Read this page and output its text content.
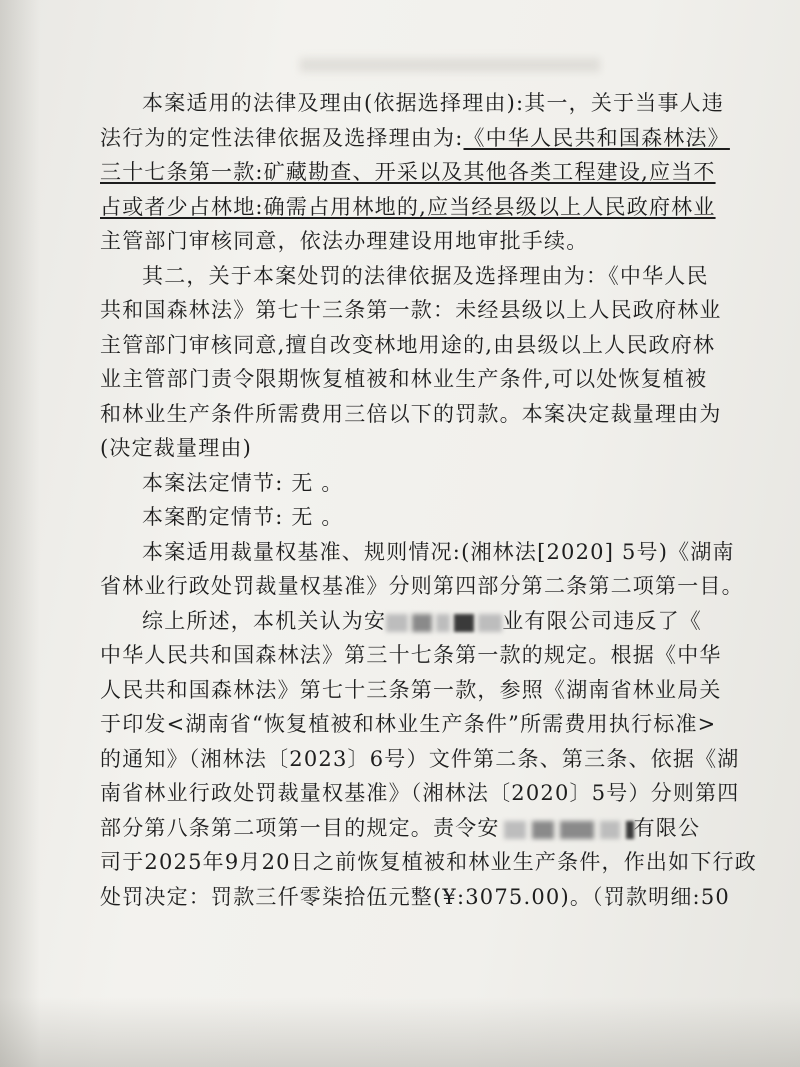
本案适用的法律及理由(依据选择理由):其一，关于当事人违
法行为的定性法律依据及选择理由为:《中华人民共和国森林法》
三十七条第一款:矿藏勘查、开采以及其他各类工程建设,应当不
占或者少占林地:确需占用林地的,应当经县级以上人民政府林业
主管部门审核同意，依法办理建设用地审批手续。
其二，关于本案处罚的法律依据及选择理由为：《中华人民
共和国森林法》第七十三条第一款：未经县级以上人民政府林业
主管部门审核同意,擅自改变林地用途的,由县级以上人民政府林
业主管部门责令限期恢复植被和林业生产条件,可以处恢复植被
和林业生产条件所需费用三倍以下的罚款。本案决定裁量理由为
(决定裁量理由)
本案法定情节: 无 。
本案酌定情节: 无 。
本案适用裁量权基准、规则情况:(湘林法[2020] 5号)《湖南
省林业行政处罚裁量权基准》分则第四部分第二条第二项第一目。
综上所述，本机关认为安	业有限公司违反了《
中华人民共和国森林法》第三十七条第一款的规定。根据《中华
人民共和国森林法》第七十三条第一款，参照《湖南省林业局关
于印发<湖南省“恢复植被和林业生产条件”所需费用执行标准>
的通知》（湘林法〔2023〕6号）文件第二条、第三条、依据《湖
南省林业行政处罚裁量权基准》（湘林法〔2020〕5号）分则第四
部分第八条第二项第一目的规定。责令安	有限公
司于2025年9月20日之前恢复植被和林业生产条件，作出如下行政
处罚决定：罚款三仟零柒拾伍元整(¥:3075.00)。（罚款明细:50
